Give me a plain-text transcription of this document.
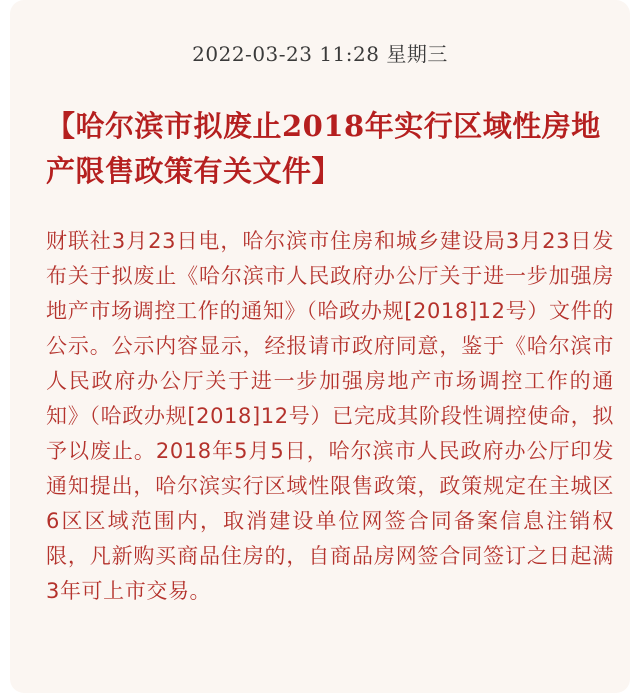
2022-03-23 11:28 星期三
【哈尔滨市拟废止2018年实行区域性房地产限售政策有关文件】

财联社3月23日电，哈尔滨市住房和城乡建设局3月23日发布关于拟废止《哈尔滨市人民政府办公厅关于进一步加强房地产市场调控工作的通知》（哈政办规[2018]12号）文件的公示。公示内容显示，经报请市政府同意，鉴于《哈尔滨市人民政府办公厅关于进一步加强房地产市场调控工作的通知》（哈政办规[2018]12号）已完成其阶段性调控使命，拟予以废止。2018年5月5日，哈尔滨市人民政府办公厅印发通知提出，哈尔滨实行区域性限售政策，政策规定在主城区6区区域范围内，取消建设单位网签合同备案信息注销权限，凡新购买商品住房的，自商品房网签合同签订之日起满3年可上市交易。
